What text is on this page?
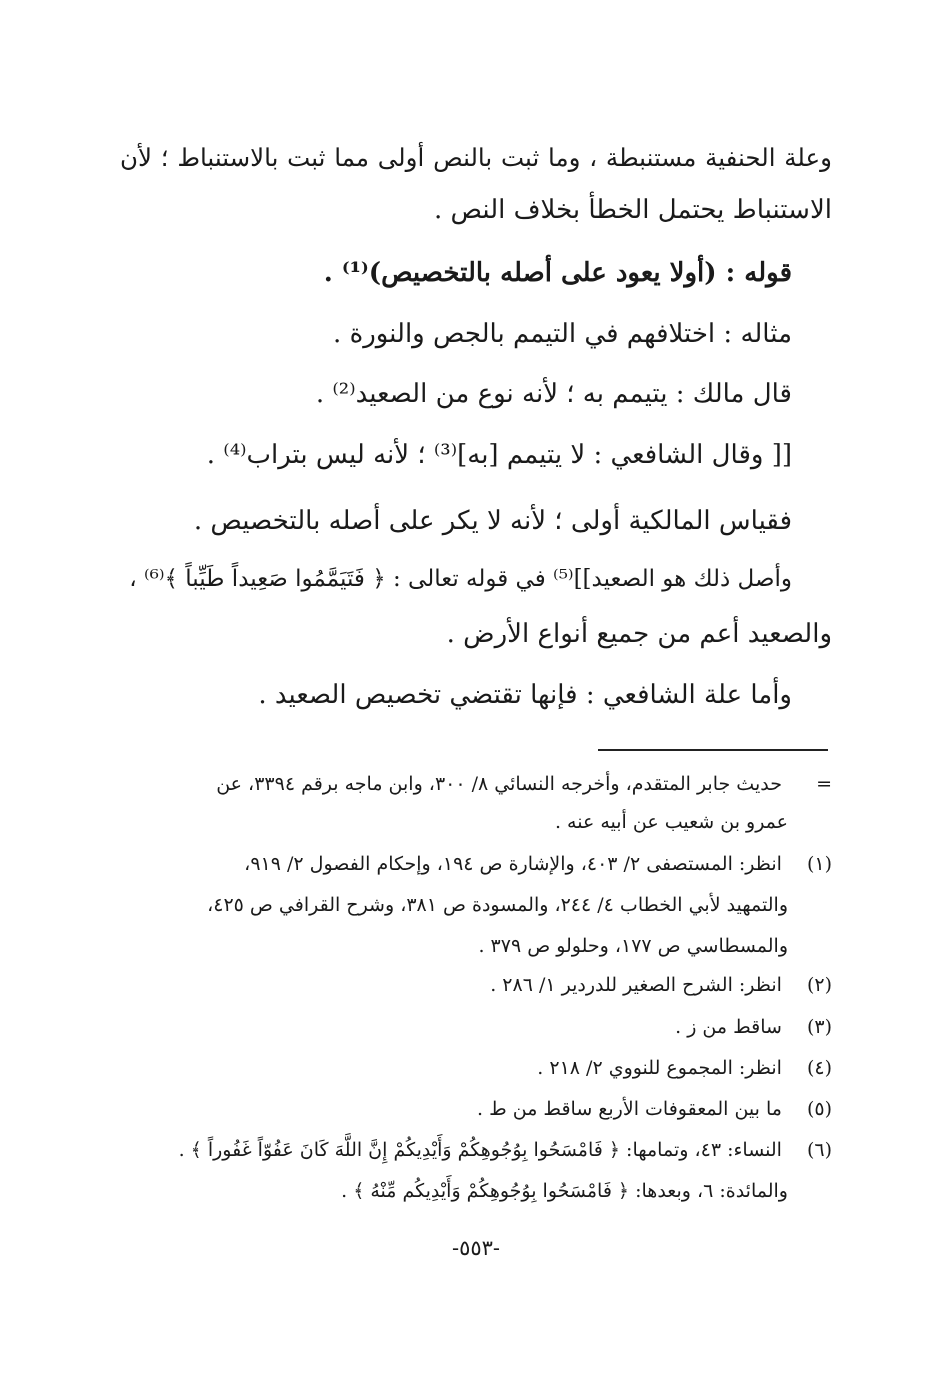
وعلة الحنفية مستنبطة ، وما ثبت بالنص أولى مما ثبت بالاستنباط ؛ لأن
الاستنباط يحتمل الخطأ بخلاف النص .
قوله : (أولا يعود على أصله بالتخصيص)⁽¹⁾ .
مثاله : اختلافهم في التيمم بالجص والنورة .
قال مالك : يتيمم به ؛ لأنه نوع من الصعيد⁽²⁾ .
[[ وقال الشافعي : لا يتيمم [به]⁽³⁾ ؛ لأنه ليس بتراب⁽⁴⁾ .
فقياس المالكية أولى ؛ لأنه لا يكر على أصله بالتخصيص .
وأصل ذلك هو الصعيد]]⁽⁵⁾ في قوله تعالى : ﴿ فَتَيَمَّمُوا صَعِيداً طَيِّباً ﴾⁽⁶⁾ ،
والصعيد أعم من جميع أنواع الأرض .
وأما علة الشافعي : فإنها تقتضي تخصيص الصعيد .
= حديث جابر المتقدم، وأخرجه النسائي ٨/ ٣٠٠، وابن ماجه برقم ٣٣٩٤، عن
عمرو بن شعيب عن أبيه عنه .
(١) انظر: المستصفى ٢/ ٤٠٣، والإشارة ص ١٩٤، وإحكام الفصول ٢/ ٩١٩،
والتمهيد لأبي الخطاب ٤/ ٢٤٤، والمسودة ص ٣٨١، وشرح القرافي ص ٤٢٥،
والمسطاسي ص ١٧٧، وحلولو ص ٣٧٩ .
(٢) انظر: الشرح الصغير للدردير ١/ ٢٨٦ .
(٣) ساقط من ز .
(٤) انظر: المجموع للنووي ٢/ ٢١٨ .
(٥) ما بين المعقوفات الأربع ساقط من ط .
(٦) النساء: ٤٣، وتمامها: ﴿ فَامْسَحُوا بِوُجُوهِكُمْ وَأَيْدِيكُمْ إِنَّ اللَّهَ كَانَ عَفُوّاً غَفُوراً ﴾ .
والمائدة: ٦، وبعدها: ﴿ فَامْسَحُوا بِوُجُوهِكُمْ وَأَيْدِيكُم مِّنْهُ ﴾ .
-٥٥٣-
